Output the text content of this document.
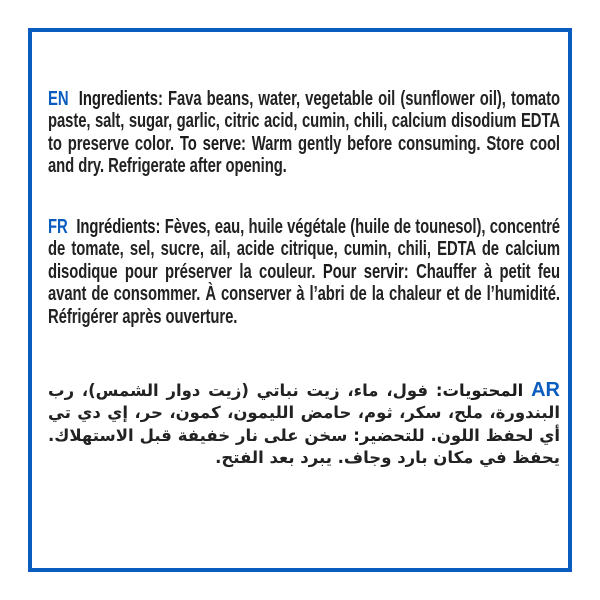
EN Ingredients: Fava beans, water, vegetable oil (sunflower oil), tomato paste, salt, sugar, garlic, citric acid, cumin, chili, calcium disodium EDTA to preserve color. To serve: Warm gently before consuming. Store cool and dry. Refrigerate after opening.

FR Ingrédients: Fèves, eau, huile végétale (huile de tounesol), concentré de tomate, sel, sucre, ail, acide citrique, cumin, chili, EDTA de calcium disodique pour préserver la couleur. Pour servir: Chauffer à petit feu avant de consommer. À conserver à l’abri de la chaleur et de l’humidité. Réfrigérer après ouverture.

AR المحتويات: فول، ماء، زيت نباتي (زيت دوار الشمس)، رب البندورة، ملح، سكر، ثوم، حامض الليمون، كمون، حر، إي دي تي أي لحفظ اللون. للتحضير: سخن على نار خفيفة قبل الاستهلاك. يحفظ في مكان بارد وجاف. يبرد بعد الفتح.
